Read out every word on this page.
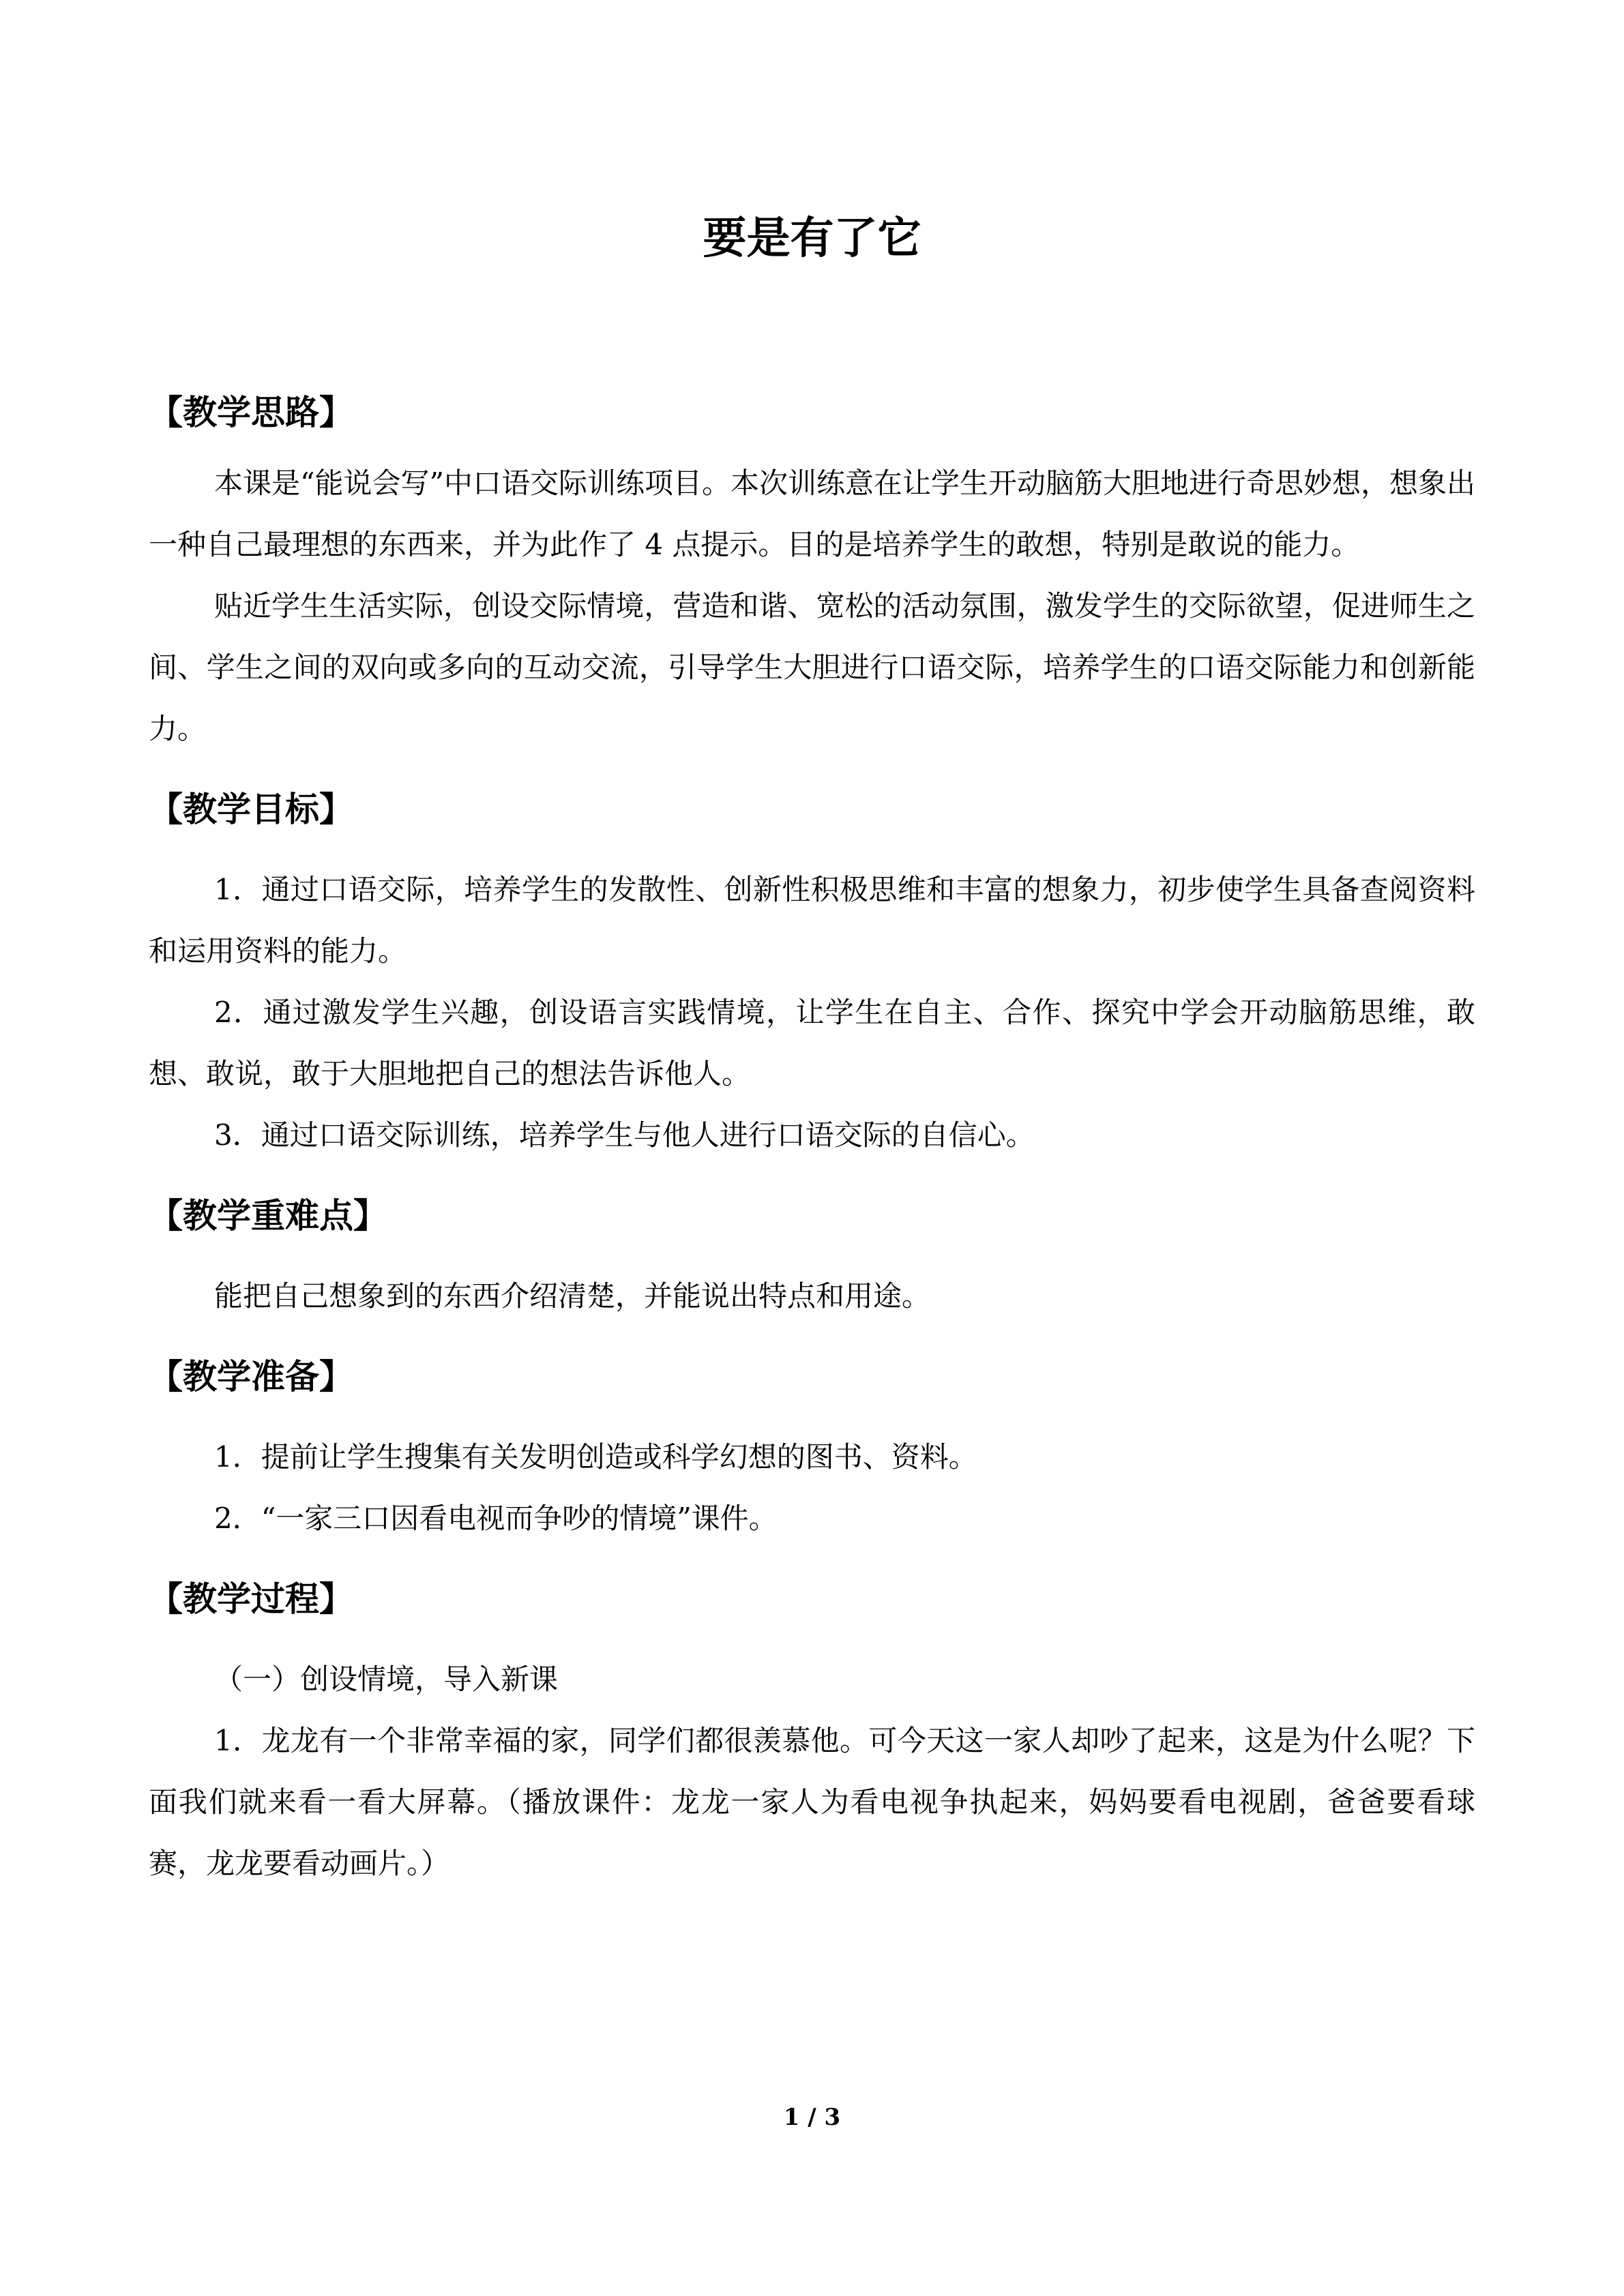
要是有了它
【教学思路】

本课是“能说会写”中口语交际训练项目。本次训练意在让学生开动脑筋大胆地进行奇思妙想，想象出一种自己最理想的东西来，并为此作了 4 点提示。目的是培养学生的敢想，特别是敢说的能力。

贴近学生生活实际，创设交际情境，营造和谐、宽松的活动氛围，激发学生的交际欲望，促进师生之间、学生之间的双向或多向的互动交流，引导学生大胆进行口语交际，培养学生的口语交际能力和创新能力。

【教学目标】

1．通过口语交际，培养学生的发散性、创新性积极思维和丰富的想象力，初步使学生具备查阅资料和运用资料的能力。

2．通过激发学生兴趣，创设语言实践情境，让学生在自主、合作、探究中学会开动脑筋思维，敢想、敢说，敢于大胆地把自己的想法告诉他人。

3．通过口语交际训练，培养学生与他人进行口语交际的自信心。

【教学重难点】

能把自己想象到的东西介绍清楚，并能说出特点和用途。

【教学准备】

1．提前让学生搜集有关发明创造或科学幻想的图书、资料。

2．“一家三口因看电视而争吵的情境”课件。

【教学过程】

（一）创设情境，导入新课

1．龙龙有一个非常幸福的家，同学们都很羡慕他。可今天这一家人却吵了起来，这是为什么呢？下面我们就来看一看大屏幕。（播放课件：龙龙一家人为看电视争执起来，妈妈要看电视剧，爸爸要看球赛，龙龙要看动画片。）

1 / 3
